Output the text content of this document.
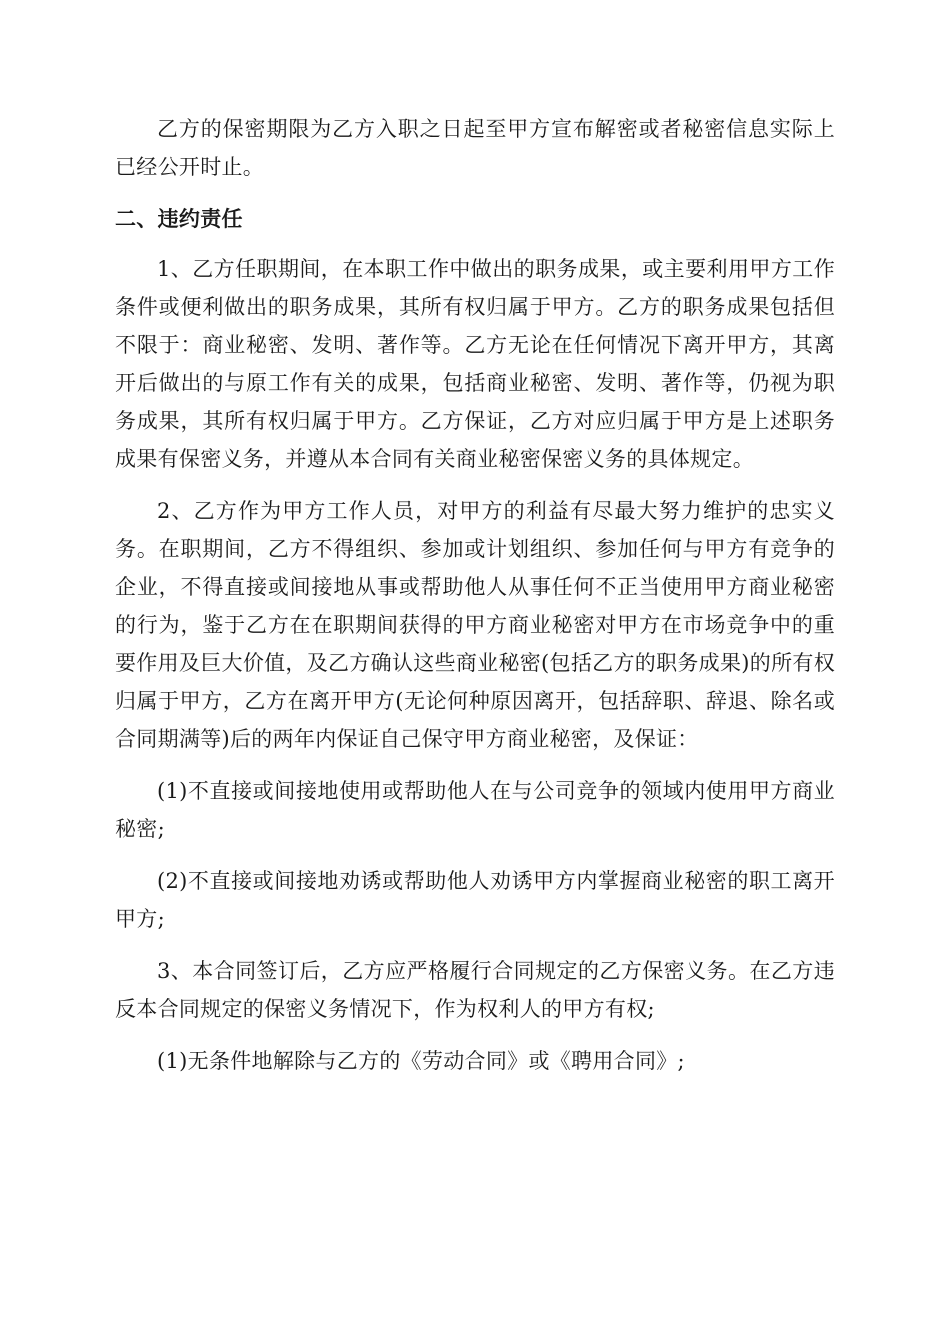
乙方的保密期限为乙方入职之日起至甲方宣布解密或者秘密信息实际上已经公开时止。

二、违约责任

1、乙方任职期间，在本职工作中做出的职务成果，或主要利用甲方工作条件或便利做出的职务成果，其所有权归属于甲方。乙方的职务成果包括但不限于：商业秘密、发明、著作等。乙方无论在任何情况下离开甲方，其离开后做出的与原工作有关的成果，包括商业秘密、发明、著作等，仍视为职务成果，其所有权归属于甲方。乙方保证，乙方对应归属于甲方是上述职务成果有保密义务，并遵从本合同有关商业秘密保密义务的具体规定。

2、乙方作为甲方工作人员，对甲方的利益有尽最大努力维护的忠实义务。在职期间，乙方不得组织、参加或计划组织、参加任何与甲方有竞争的企业，不得直接或间接地从事或帮助他人从事任何不正当使用甲方商业秘密的行为，鉴于乙方在在职期间获得的甲方商业秘密对甲方在市场竞争中的重要作用及巨大价值，及乙方确认这些商业秘密(包括乙方的职务成果)的所有权归属于甲方，乙方在离开甲方(无论何种原因离开，包括辞职、辞退、除名或合同期满等)后的两年内保证自己保守甲方商业秘密，及保证：

(1)不直接或间接地使用或帮助他人在与公司竞争的领域内使用甲方商业秘密;

(2)不直接或间接地劝诱或帮助他人劝诱甲方内掌握商业秘密的职工离开甲方;

3、本合同签订后，乙方应严格履行合同规定的乙方保密义务。在乙方违反本合同规定的保密义务情况下，作为权利人的甲方有权;

(1)无条件地解除与乙方的《劳动合同》或《聘用合同》;
